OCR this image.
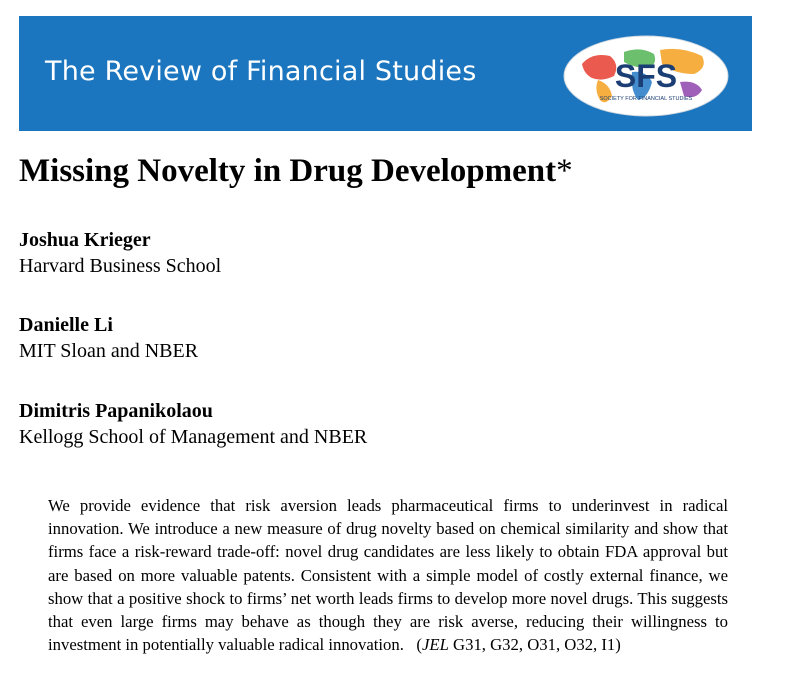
The Review of Financial Studies	SFS
SOCIETY FOR FINANCIAL STUDIES
Missing Novelty in Drug Development*
Joshua Krieger
Harvard Business School
Danielle Li
MIT Sloan and NBER
Dimitris Papanikolaou
Kellogg School of Management and NBER

We provide evidence that risk aversion leads pharmaceutical firms to underinvest in radical innovation. We introduce a new measure of drug novelty based on chemical similarity and show that firms face a risk-reward trade-off: novel drug candidates are less likely to obtain FDA approval but are based on more valuable patents. Consistent with a simple model of costly external finance, we show that a positive shock to firms’ net worth leads firms to develop more novel drugs. This suggests that even large firms may behave as though they are risk averse, reducing their willingness to investment in potentially valuable radical innovation. (JEL G31, G32, O31, O32, I1)
